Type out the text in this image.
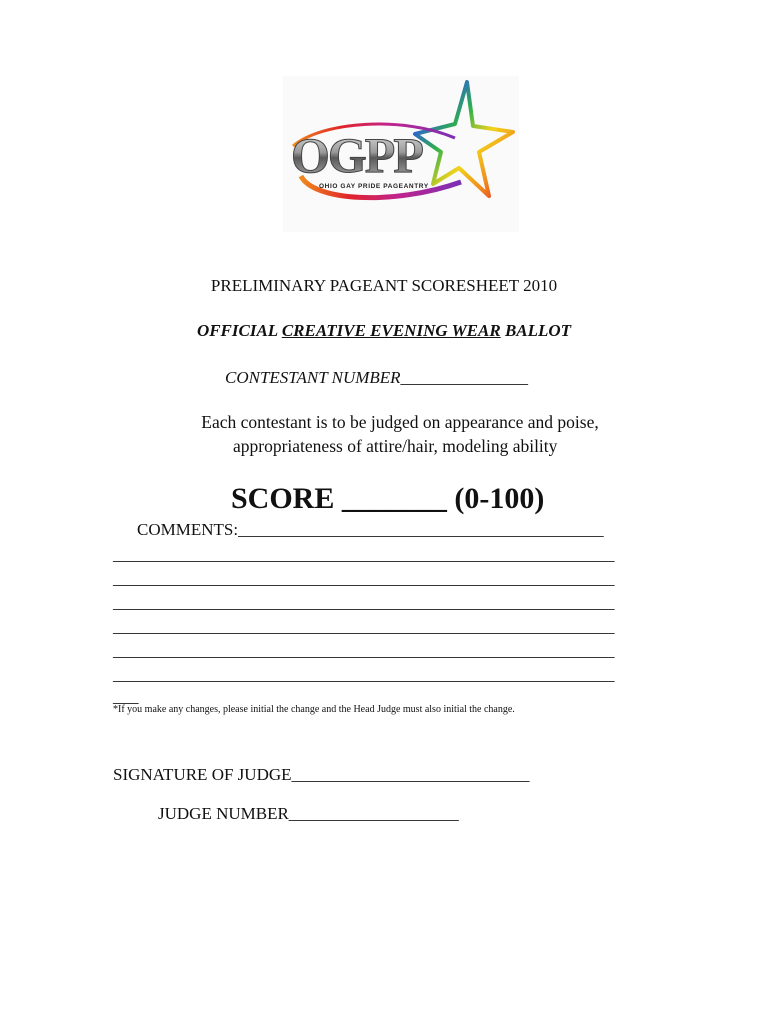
OGPP
OHIO GAY PRIDE PAGEANTRY
PRELIMINARY PAGEANT SCORESHEET 2010
OFFICIAL CREATIVE EVENING WEAR BALLOT
CONTESTANT NUMBER_______________
Each contestant is to be judged on appearance and poise,
appropriateness of attire/hair, modeling ability
SCORE _______ (0-100)
COMMENTS:___________________________________________
___________________________________________________________
___________________________________________________________
___________________________________________________________
___________________________________________________________
___________________________________________________________
___________________________________________________________
___
*If you make any changes, please initial the change and the Head Judge must also initial the change.
SIGNATURE OF JUDGE____________________________
JUDGE NUMBER____________________
